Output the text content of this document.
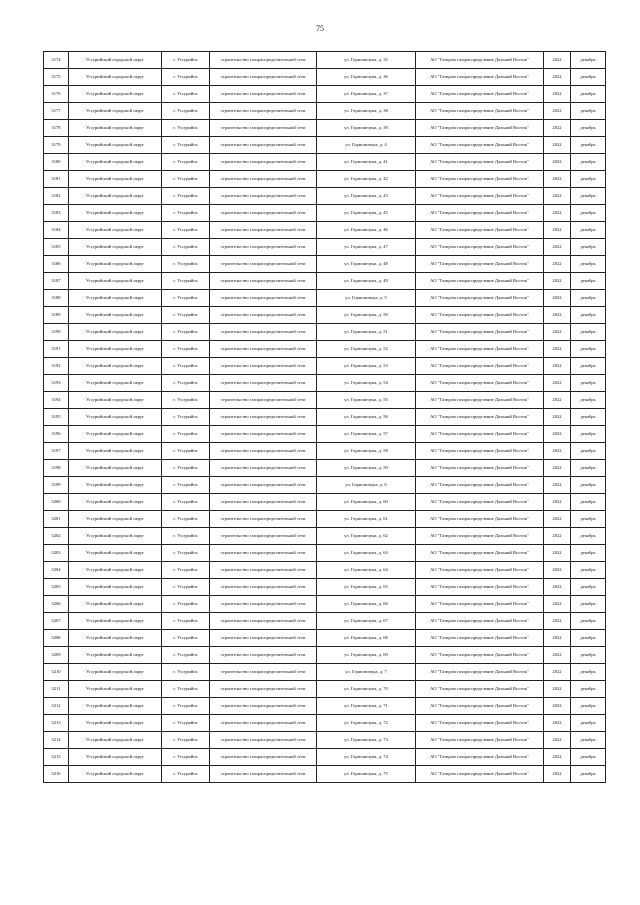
75
3174	Уссурийский городской округ	г. Уссурийск	строительство газораспределительной сети	ул. Горисмичука, д. 35	АО "Газпром газораспределение Дальний Восток"	2022	декабрь
3175	Уссурийский городской округ	г. Уссурийск	строительство газораспределительной сети	ул. Горисмичука, д. 36	АО "Газпром газораспределение Дальний Восток"	2022	декабрь
3176	Уссурийский городской округ	г. Уссурийск	строительство газораспределительной сети	ул. Горисмичука, д. 37	АО "Газпром газораспределение Дальний Восток"	2022	декабрь
3177	Уссурийский городской округ	г. Уссурийск	строительство газораспределительной сети	ул. Горисмичука, д. 38	АО "Газпром газораспределение Дальний Восток"	2022	декабрь
3178	Уссурийский городской округ	г. Уссурийск	строительство газораспределительной сети	ул. Горисмичука, д. 39	АО "Газпром газораспределение Дальний Восток"	2022	декабрь
3179	Уссурийский городской округ	г. Уссурийск	строительство газораспределительной сети	ул. Горисмичука, д. 4	АО "Газпром газораспределение Дальний Восток"	2022	декабрь
3180	Уссурийский городской округ	г. Уссурийск	строительство газораспределительной сети	ул. Горисмичука, д. 41	АО "Газпром газораспределение Дальний Восток"	2022	декабрь
3181	Уссурийский городской округ	г. Уссурийск	строительство газораспределительной сети	ул. Горисмичука, д. 42	АО "Газпром газораспределение Дальний Восток"	2022	декабрь
3182	Уссурийский городской округ	г. Уссурийск	строительство газораспределительной сети	ул. Горисмичука, д. 43	АО "Газпром газораспределение Дальний Восток"	2022	декабрь
3183	Уссурийский городской округ	г. Уссурийск	строительство газораспределительной сети	ул. Горисмичука, д. 45	АО "Газпром газораспределение Дальний Восток"	2022	декабрь
3184	Уссурийский городской округ	г. Уссурийск	строительство газораспределительной сети	ул. Горисмичука, д. 46	АО "Газпром газораспределение Дальний Восток"	2022	декабрь
3185	Уссурийский городской округ	г. Уссурийск	строительство газораспределительной сети	ул. Горисмичука, д. 47	АО "Газпром газораспределение Дальний Восток"	2022	декабрь
3186	Уссурийский городской округ	г. Уссурийск	строительство газораспределительной сети	ул. Горисмичука, д. 48	АО "Газпром газораспределение Дальний Восток"	2022	декабрь
3187	Уссурийский городской округ	г. Уссурийск	строительство газораспределительной сети	ул. Горисмичука, д. 49	АО "Газпром газораспределение Дальний Восток"	2022	декабрь
3188	Уссурийский городской округ	г. Уссурийск	строительство газораспределительной сети	ул. Горисмичука, д. 5	АО "Газпром газораспределение Дальний Восток"	2022	декабрь
3189	Уссурийский городской округ	г. Уссурийск	строительство газораспределительной сети	ул. Горисмичука, д. 50	АО "Газпром газораспределение Дальний Восток"	2022	декабрь
3190	Уссурийский городской округ	г. Уссурийск	строительство газораспределительной сети	ул. Горисмичука, д. 51	АО "Газпром газораспределение Дальний Восток"	2022	декабрь
3191	Уссурийский городской округ	г. Уссурийск	строительство газораспределительной сети	ул. Горисмичука, д. 52	АО "Газпром газораспределение Дальний Восток"	2022	декабрь
3192	Уссурийский городской округ	г. Уссурийск	строительство газораспределительной сети	ул. Горисмичука, д. 53	АО "Газпром газораспределение Дальний Восток"	2022	декабрь
3193	Уссурийский городской округ	г. Уссурийск	строительство газораспределительной сети	ул. Горисмичука, д. 54	АО "Газпром газораспределение Дальний Восток"	2022	декабрь
3194	Уссурийский городской округ	г. Уссурийск	строительство газораспределительной сети	ул. Горисмичука, д. 55	АО "Газпром газораспределение Дальний Восток"	2022	декабрь
3195	Уссурийский городской округ	г. Уссурийск	строительство газораспределительной сети	ул. Горисмичука, д. 56	АО "Газпром газораспределение Дальний Восток"	2022	декабрь
3196	Уссурийский городской округ	г. Уссурийск	строительство газораспределительной сети	ул. Горисмичука, д. 57	АО "Газпром газораспределение Дальний Восток"	2022	декабрь
3197	Уссурийский городской округ	г. Уссурийск	строительство газораспределительной сети	ул. Горисмичука, д. 58	АО "Газпром газораспределение Дальний Восток"	2022	декабрь
3198	Уссурийский городской округ	г. Уссурийск	строительство газораспределительной сети	ул. Горисмичука, д. 59	АО "Газпром газораспределение Дальний Восток"	2022	декабрь
3199	Уссурийский городской округ	г. Уссурийск	строительство газораспределительной сети	ул. Горисмичука, д. 6	АО "Газпром газораспределение Дальний Восток"	2022	декабрь
3200	Уссурийский городской округ	г. Уссурийск	строительство газораспределительной сети	ул. Горисмичука, д. 60	АО "Газпром газораспределение Дальний Восток"	2022	декабрь
3201	Уссурийский городской округ	г. Уссурийск	строительство газораспределительной сети	ул. Горисмичука, д. 61	АО "Газпром газораспределение Дальний Восток"	2022	декабрь
3202	Уссурийский городской округ	г. Уссурийск	строительство газораспределительной сети	ул. Горисмичука, д. 62	АО "Газпром газораспределение Дальний Восток"	2022	декабрь
3203	Уссурийский городской округ	г. Уссурийск	строительство газораспределительной сети	ул. Горисмичука, д. 63	АО "Газпром газораспределение Дальний Восток"	2022	декабрь
3204	Уссурийский городской округ	г. Уссурийск	строительство газораспределительной сети	ул. Горисмичука, д. 64	АО "Газпром газораспределение Дальний Восток"	2022	декабрь
3205	Уссурийский городской округ	г. Уссурийск	строительство газораспределительной сети	ул. Горисмичука, д. 65	АО "Газпром газораспределение Дальний Восток"	2022	декабрь
3206	Уссурийский городской округ	г. Уссурийск	строительство газораспределительной сети	ул. Горисмичука, д. 66	АО "Газпром газораспределение Дальний Восток"	2022	декабрь
3207	Уссурийский городской округ	г. Уссурийск	строительство газораспределительной сети	ул. Горисмичука, д. 67	АО "Газпром газораспределение Дальний Восток"	2022	декабрь
3208	Уссурийский городской округ	г. Уссурийск	строительство газораспределительной сети	ул. Горисмичука, д. 68	АО "Газпром газораспределение Дальний Восток"	2022	декабрь
3209	Уссурийский городской округ	г. Уссурийск	строительство газораспределительной сети	ул. Горисмичука, д. 69	АО "Газпром газораспределение Дальний Восток"	2022	декабрь
3210	Уссурийский городской округ	г. Уссурийск	строительство газораспределительной сети	ул. Горисмичука, д. 7	АО "Газпром газораспределение Дальний Восток"	2022	декабрь
3211	Уссурийский городской округ	г. Уссурийск	строительство газораспределительной сети	ул. Горисмичука, д. 70	АО "Газпром газораспределение Дальний Восток"	2022	декабрь
3212	Уссурийский городской округ	г. Уссурийск	строительство газораспределительной сети	ул. Горисмичука, д. 71	АО "Газпром газораспределение Дальний Восток"	2022	декабрь
3213	Уссурийский городской округ	г. Уссурийск	строительство газораспределительной сети	ул. Горисмичука, д. 72	АО "Газпром газораспределение Дальний Восток"	2022	декабрь
3214	Уссурийский городской округ	г. Уссурийск	строительство газораспределительной сети	ул. Горисмичука, д. 73	АО "Газпром газораспределение Дальний Восток"	2022	декабрь
3215	Уссурийский городской округ	г. Уссурийск	строительство газораспределительной сети	ул. Горисмичука, д. 74	АО "Газпром газораспределение Дальний Восток"	2022	декабрь
3216	Уссурийский городской округ	г. Уссурийск	строительство газораспределительной сети	ул. Горисмичука, д. 75	АО "Газпром газораспределение Дальний Восток"	2022	декабрь
